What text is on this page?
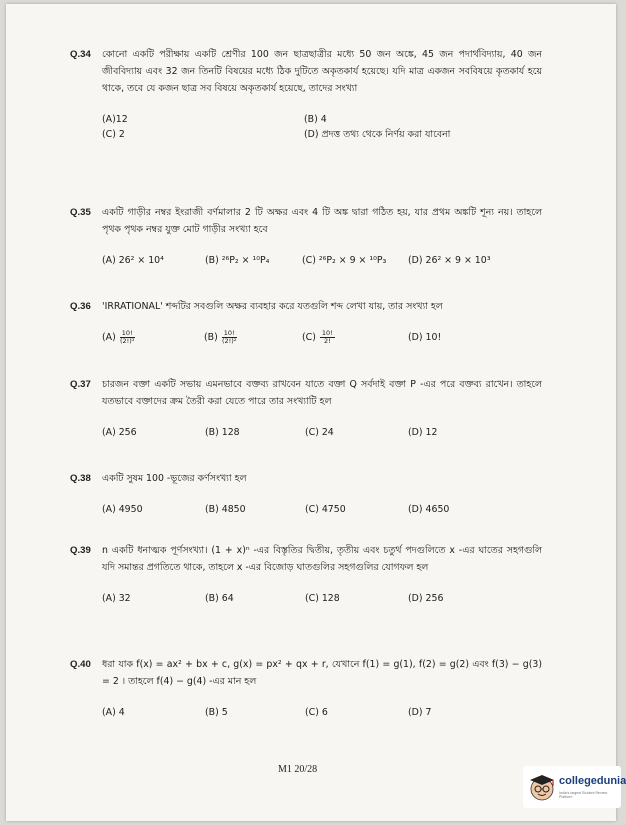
Q.34 কোনো একটি পরীক্ষায় একটি শ্রেণীর 100 জন ছাত্রছাত্রীর মধ্যে 50 জন অঙ্কে, 45 জন পদার্থবিদ্যায়, 40 জন জীববিদ্যায় এবং 32 জন তিনটি বিষয়ের মধ্যে ঠিক দুটিতে অকৃতকার্য হয়েছে। যদি মাত্র একজন সববিষয়ে কৃতকার্য হয়ে থাকে, তবে যে কজন ছাত্র সব বিষয়ে অকৃতকার্য হয়েছে, তাদের সংখ্যা

(A)12	(B) 4
(C) 2	(D) প্রদত্ত তথ্য থেকে নির্ণয় করা যাবেনা
Q.35 একটি গাড়ীর নম্বর ইংরাজী বর্ণমালার 2 টি অক্ষর এবং 4 টি অঙ্ক দ্বারা গঠিত হয়, যার প্রথম অঙ্কটি শূন্য নয়। তাহলে পৃথক পৃথক নম্বর যুক্ত মোট গাড়ীর সংখ্যা হবে

(A) 26² × 10⁴	(B) ²⁶P₂ × ¹⁰P₄	(C) ²⁶P₂ × 9 × ¹⁰P₃ (D) 26² × 9 × 10³
Q.36 'IRRATIONAL' শব্দটির সবগুলি অক্ষর ব্যবহার করে যতগুলি শব্দ লেখা যায়, তার সংখ্যা হল

$(A) \frac{10!}{\text{(2!)³}}$	$(B) \frac{10!}{\text{(2!)²}}$	$(C) \frac{10!}{2!}$	(D) 10!
Q.37 চারজন বক্তা একটি সভায় এমনভাবে বক্তব্য রাখবেন যাতে বক্তা Q সর্বদাই বক্তা P -এর পরে বক্তব্য রাখেন। তাহলে যতভাবে বক্তাদের ক্রম তৈরী করা যেতে পারে তার সংখ্যাটি হল

(A) 256	(B) 128	(C) 24	(D) 12
Q.38 একটি সুষম 100 -ভূজের কর্ণসংখ্যা হল

(A) 4950	(B) 4850	(C) 4750	(D) 4650
Q.39 n একটি ধনাত্মক পূর্ণসংখ্যা। (1 + x)ⁿ -এর বিস্তৃতির দ্বিতীয়, তৃতীয় এবং চতুর্থ পদগুলিতে x -এর ঘাতের সহগগুলি যদি সমান্তর প্রগতিতে থাকে, তাহলে x -এর বিজোড় ঘাতগুলির সহগগুলির যোগফল হল

(A) 32	(B) 64	(C) 128	(D) 256
Q.40 ধরা যাক f(x) = ax² + bx + c, g(x) = px² + qx + r, যেখানে f(1) = g(1), f(2) = g(2) এবং f(3) − g(3) = 2 । তাহলে f(4) − g(4) -এর মান হল

(A) 4	(B) 5	(C) 6	(D) 7
M1 20/28
collegedunia
India's largest Student Review Platform
